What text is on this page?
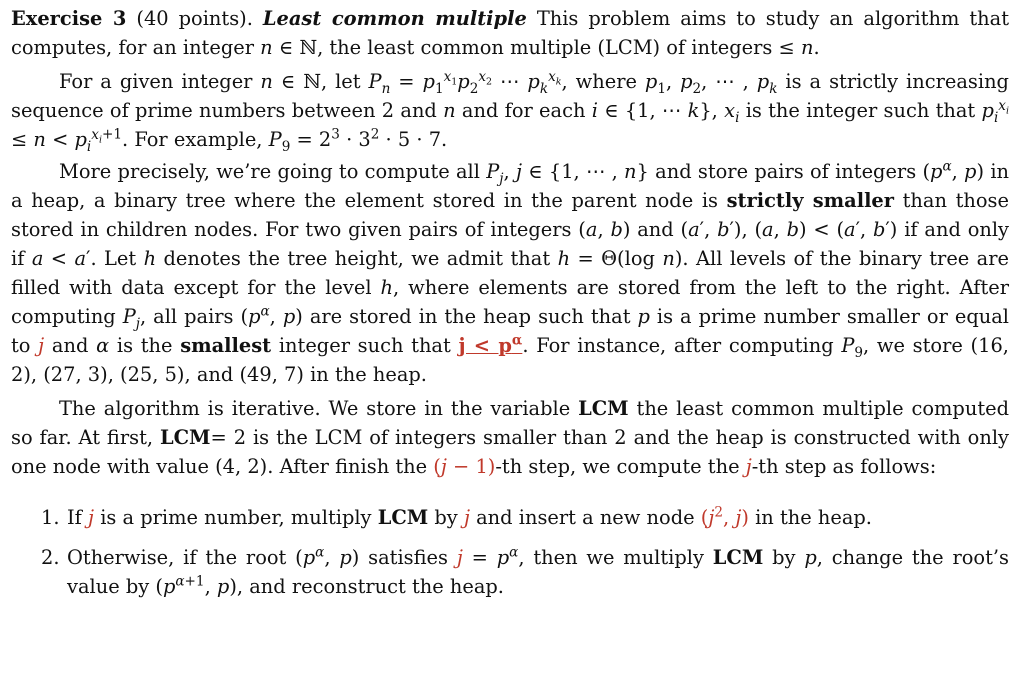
Exercise 3 (40 points). Least common multiple This problem aims to study an algorithm that computes, for an integer n ∈ ℕ, the least common multiple (LCM) of integers ≤ n.

For a given integer n ∈ ℕ, let $P_n = p_1^{x_1}p_2^{x_2}$ ⋯ $p_k^{x_k}$, where $p_1$, $p_2$, ⋯ , $p_k$ is a strictly increasing sequence of prime numbers between 2 and n and for each i ∈ {1, ⋯ k}, $x_i$ is the integer such that $p_i^{x_i} \le n < p_i^{x_i+1}$. For example, $P_9 = 2^3 \cdot 3^2 \cdot 5 \cdot 7$.

More precisely, we’re going to compute all $P_j$, j ∈ {1, ⋯ , n} and store pairs of integers ($p^\alpha$, p) in a heap, a binary tree where the element stored in the parent node is strictly smaller than those stored in children nodes. For two given pairs of integers (a, b) and (a′, b′), (a, b) < (a′, b′) if and only if a < a′. Let h denotes the tree height, we admit that h = Θ(log n). All levels of the binary tree are filled with data except for the level h, where elements are stored from the left to the right. After computing $P_j$, all pairs ($p^\alpha$, p) are stored in the heap such that p is a prime number smaller or equal to j and α is the smallest integer such that $j < p^\alpha$. For instance, after computing $P_9$, we store (16, 2), (27, 3), (25, 5), and (49, 7) in the heap.

The algorithm is iterative. We store in the variable LCM the least common multiple computed so far. At first, LCM= 2 is the LCM of integers smaller than 2 and the heap is constructed with only one node with value (4, 2). After finish the (j − 1)-th step, we compute the j-th step as follows:

1. If j is a prime number, multiply LCM by j and insert a new node ($j^2$, j) in the heap.
2. Otherwise, if the root ($p^\alpha$, p) satisfies $j = p^\alpha$, then we multiply LCM by p, change the root’s value by ($p^{\alpha+1}$, p), and reconstruct the heap.
